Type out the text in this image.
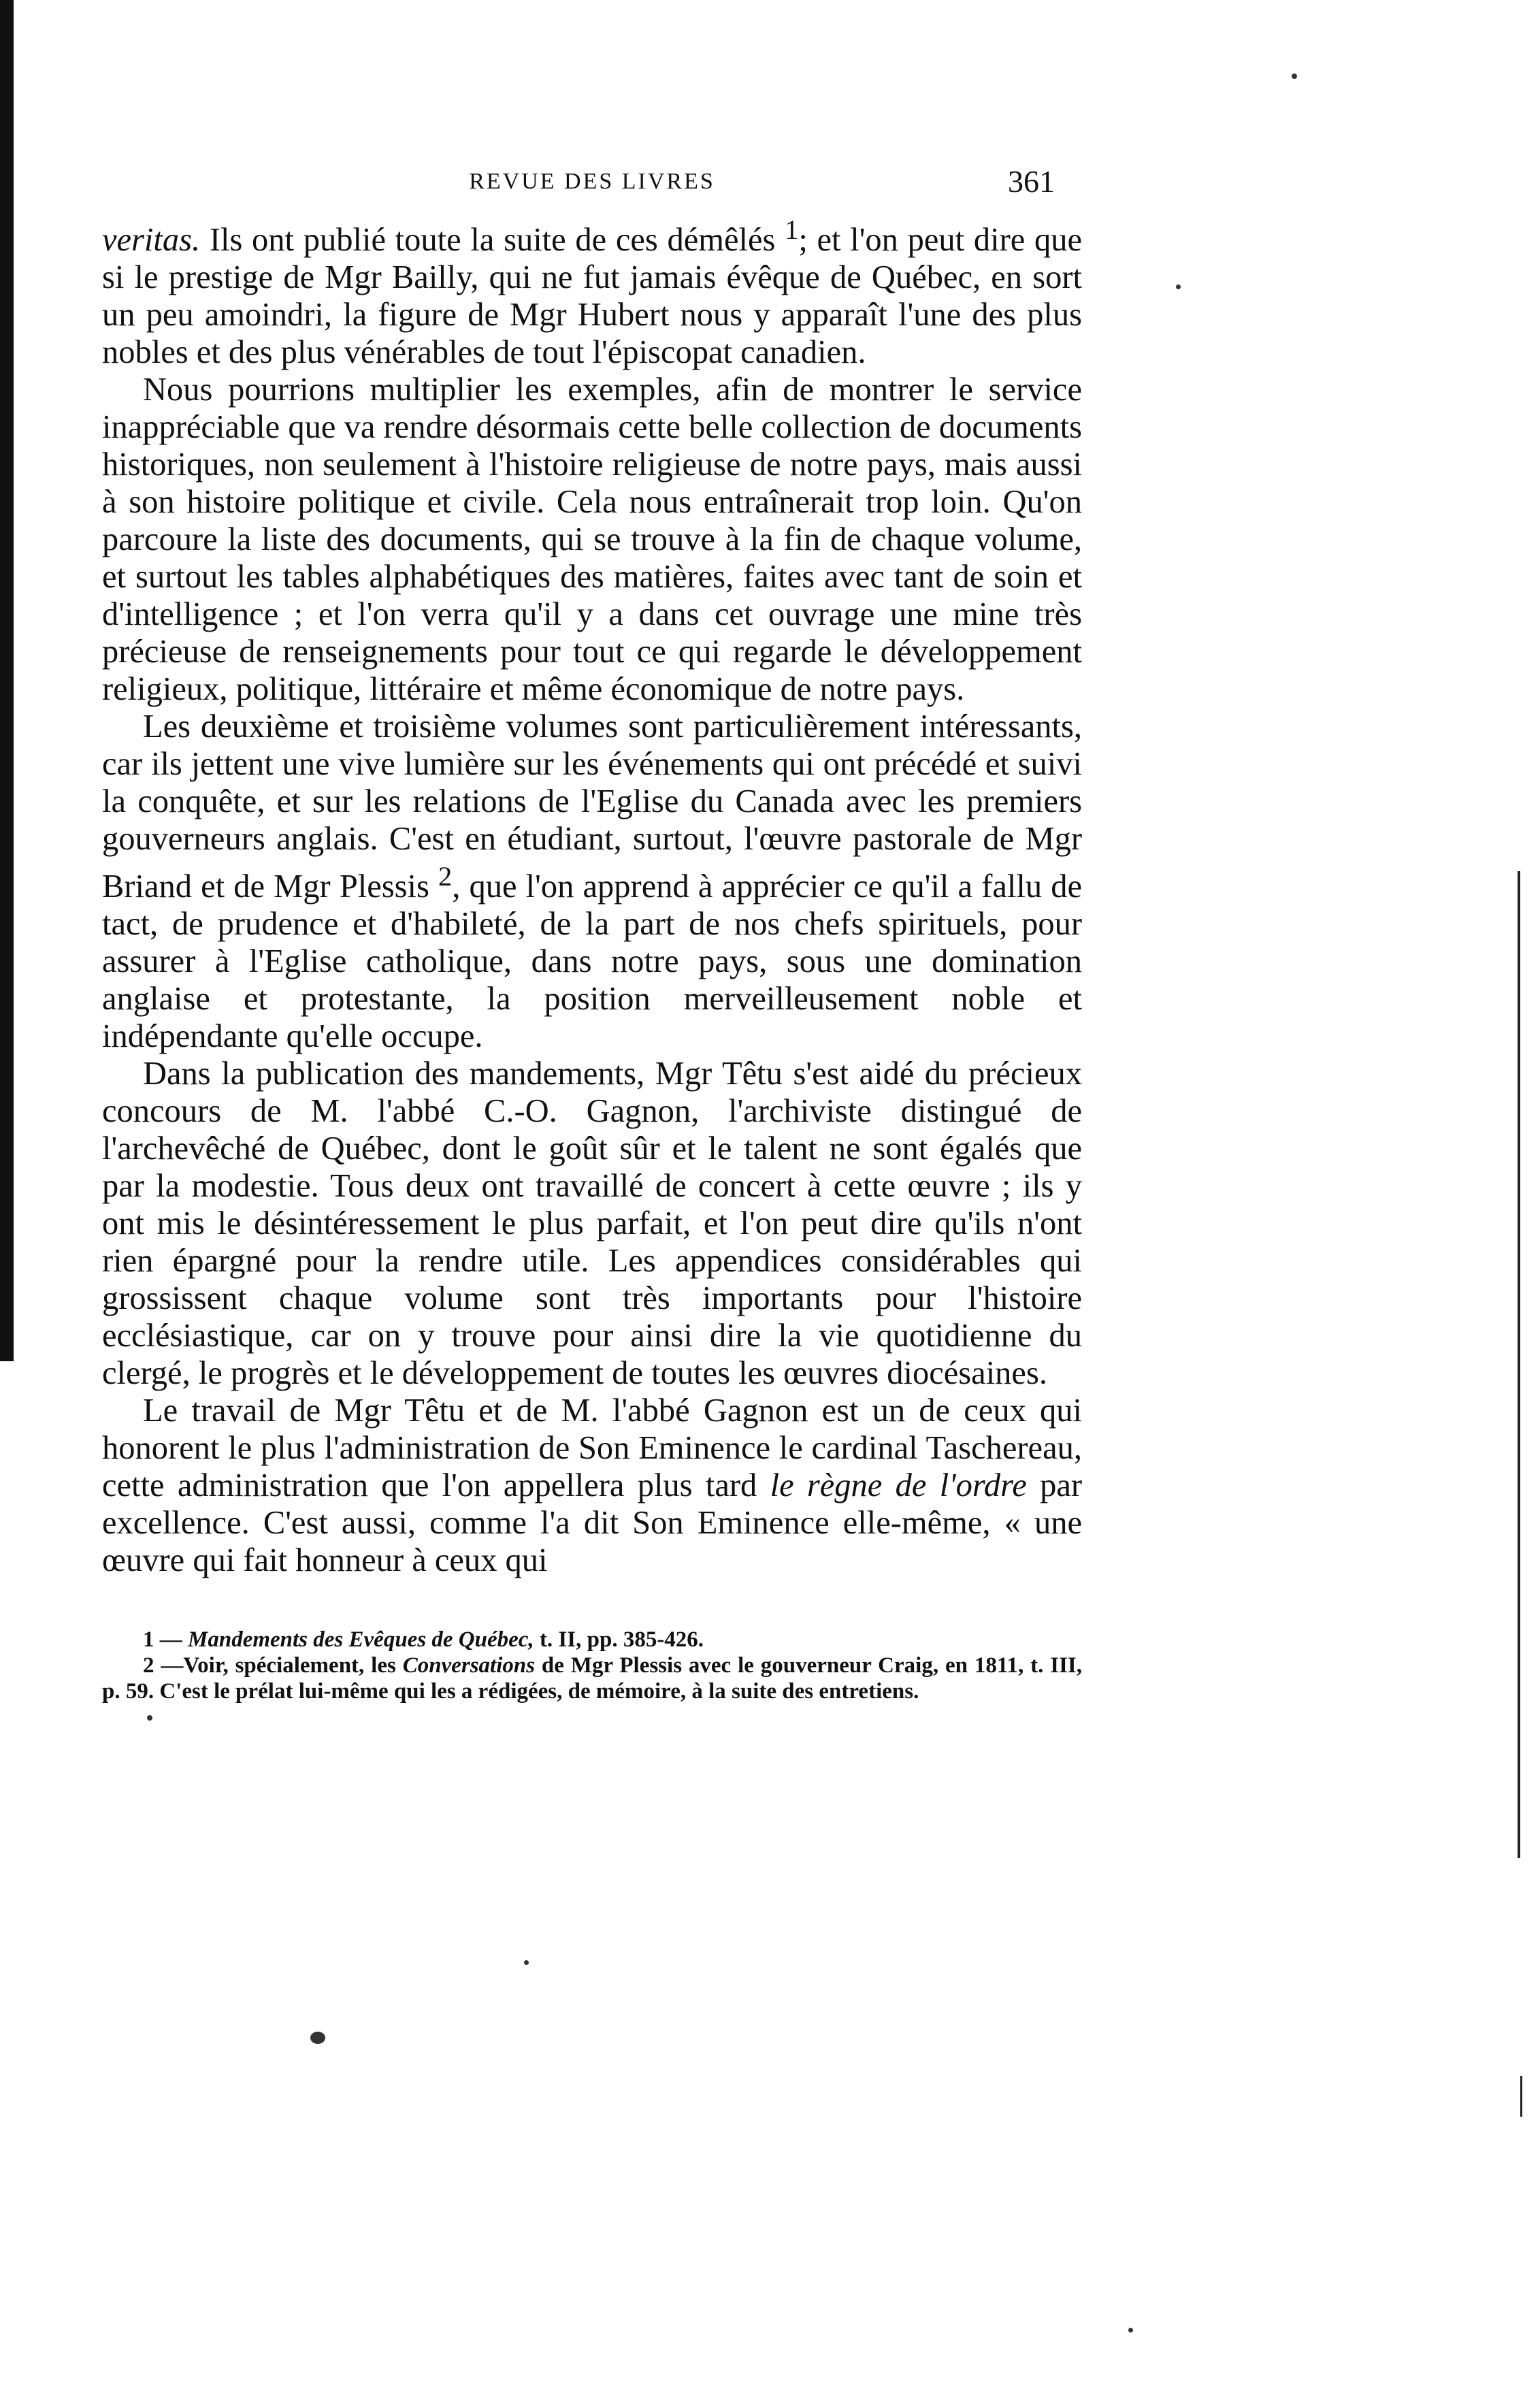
REVUE DES LIVRES	361

veritas. Ils ont publié toute la suite de ces démêlés $^1$; et l'on peut dire que si le prestige de Mgr Bailly, qui ne fut jamais évêque de Québec, en sort un peu amoindri, la figure de Mgr Hubert nous y apparaît l'une des plus nobles et des plus vénérables de tout l'épiscopat canadien.

Nous pourrions multiplier les exemples, afin de montrer le service inappréciable que va rendre désormais cette belle collection de documents historiques, non seulement à l'histoire religieuse de notre pays, mais aussi à son histoire politique et civile. Cela nous entraînerait trop loin. Qu'on parcoure la liste des documents, qui se trouve à la fin de chaque volume, et surtout les tables alphabétiques des matières, faites avec tant de soin et d'intelligence ; et l'on verra qu'il y a dans cet ouvrage une mine très précieuse de renseignements pour tout ce qui regarde le développement religieux, politique, littéraire et même économique de notre pays.

Les deuxième et troisième volumes sont particulièrement intéressants, car ils jettent une vive lumière sur les événements qui ont précédé et suivi la conquête, et sur les relations de l'Eglise du Canada avec les premiers gouverneurs anglais. C'est en étudiant, surtout, l'œuvre pastorale de Mgr Briand et de Mgr Plessis $^2$, que l'on apprend à apprécier ce qu'il a fallu de tact, de prudence et d'habileté, de la part de nos chefs spirituels, pour assurer à l'Eglise catholique, dans notre pays, sous une domination anglaise et protestante, la position merveilleusement noble et indépendante qu'elle occupe.

Dans la publication des mandements, Mgr Têtu s'est aidé du précieux concours de M. l'abbé C.-O. Gagnon, l'archiviste distingué de l'archevêché de Québec, dont le goût sûr et le talent ne sont égalés que par la modestie. Tous deux ont travaillé de concert à cette œuvre ; ils y ont mis le désintéressement le plus parfait, et l'on peut dire qu'ils n'ont rien épargné pour la rendre utile. Les appendices considérables qui grossissent chaque volume sont très importants pour l'histoire ecclésiastique, car on y trouve pour ainsi dire la vie quotidienne du clergé, le progrès et le développement de toutes les œuvres diocésaines.

Le travail de Mgr Têtu et de M. l'abbé Gagnon est un de ceux qui honorent le plus l'administration de Son Eminence le cardinal Taschereau, cette administration que l'on appellera plus tard le règne de l'ordre par excellence. C'est aussi, comme l'a dit Son Eminence elle-même, « une œuvre qui fait honneur à ceux qui

1 — Mandements des Evêques de Québec, t. II, pp. 385-426.

2 —Voir, spécialement, les Conversations de Mgr Plessis avec le gouverneur Craig, en 1811, t. III, p. 59. C'est le prélat lui-même qui les a rédigées, de mémoire, à la suite des entretiens.
